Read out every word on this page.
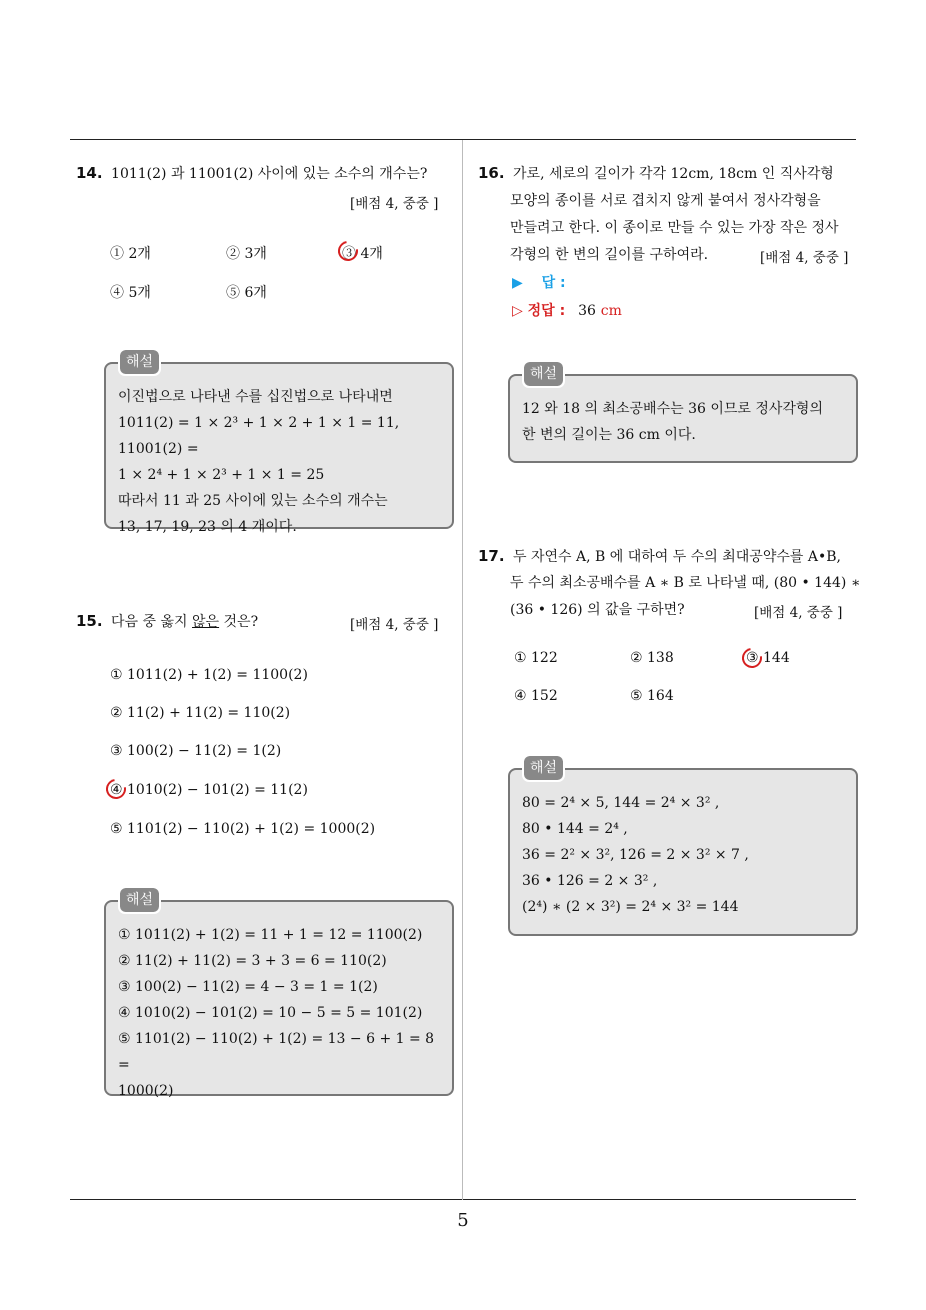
5
14. 1011(2) 과 11001(2) 사이에 있는 소수의 개수는?
[배점 4, 중중 ]
① 2개	② 3개	③ 4개
④ 5개	⑤ 6개
해설
이진법으로 나타낸 수를 십진법으로 나타내면
1011(2) = 1 × 2³ + 1 × 2 + 1 × 1 = 11, 11001(2) =
1 × 2⁴ + 1 × 2³ + 1 × 1 = 25
따라서 11 과 25 사이에 있는 소수의 개수는
13, 17, 19, 23 의 4 개이다.
15. 다음 중 옳지 않은 것은?	[배점 4, 중중 ]
① 1011(2) + 1(2) = 1100(2)
② 11(2) + 11(2) = 110(2)
③ 100(2) − 11(2) = 1(2)
④ 1010(2) − 101(2) = 11(2)
⑤ 1101(2) − 110(2) + 1(2) = 1000(2)
해설
① 1011(2) + 1(2) = 11 + 1 = 12 = 1100(2)
② 11(2) + 11(2) = 3 + 3 = 6 = 110(2)
③ 100(2) − 11(2) = 4 − 3 = 1 = 1(2)
④ 1010(2) − 101(2) = 10 − 5 = 5 = 101(2)
⑤ 1101(2) − 110(2) + 1(2) = 13 − 6 + 1 = 8 =
1000(2)
16. 가로, 세로의 길이가 각각 12cm, 18cm 인 직사각형
모양의 종이를 서로 겹치지 않게 붙여서 정사각형을
만들려고 한다. 이 종이로 만들 수 있는 가장 작은 정사
각형의 한 변의 길이를 구하여라.	[배점 4, 중중 ]
▶ 답 :
▷ 정답 : 36 cm
해설
12 와 18 의 최소공배수는 36 이므로 정사각형의
한 변의 길이는 36 cm 이다.
17. 두 자연수 A, B 에 대하여 두 수의 최대공약수를 A•B,
두 수의 최소공배수를 A ∗ B 로 나타낼 때, (80 • 144) ∗
(36 • 126) 의 값을 구하면?	[배점 4, 중중 ]
① 122	② 138	③ 144
④ 152	⑤ 164
해설
80 = 2⁴ × 5, 144 = 2⁴ × 3² ,
80 • 144 = 2⁴ ,
36 = 2² × 3², 126 = 2 × 3² × 7 ,
36 • 126 = 2 × 3² ,
(2⁴) ∗ (2 × 3²) = 2⁴ × 3² = 144
